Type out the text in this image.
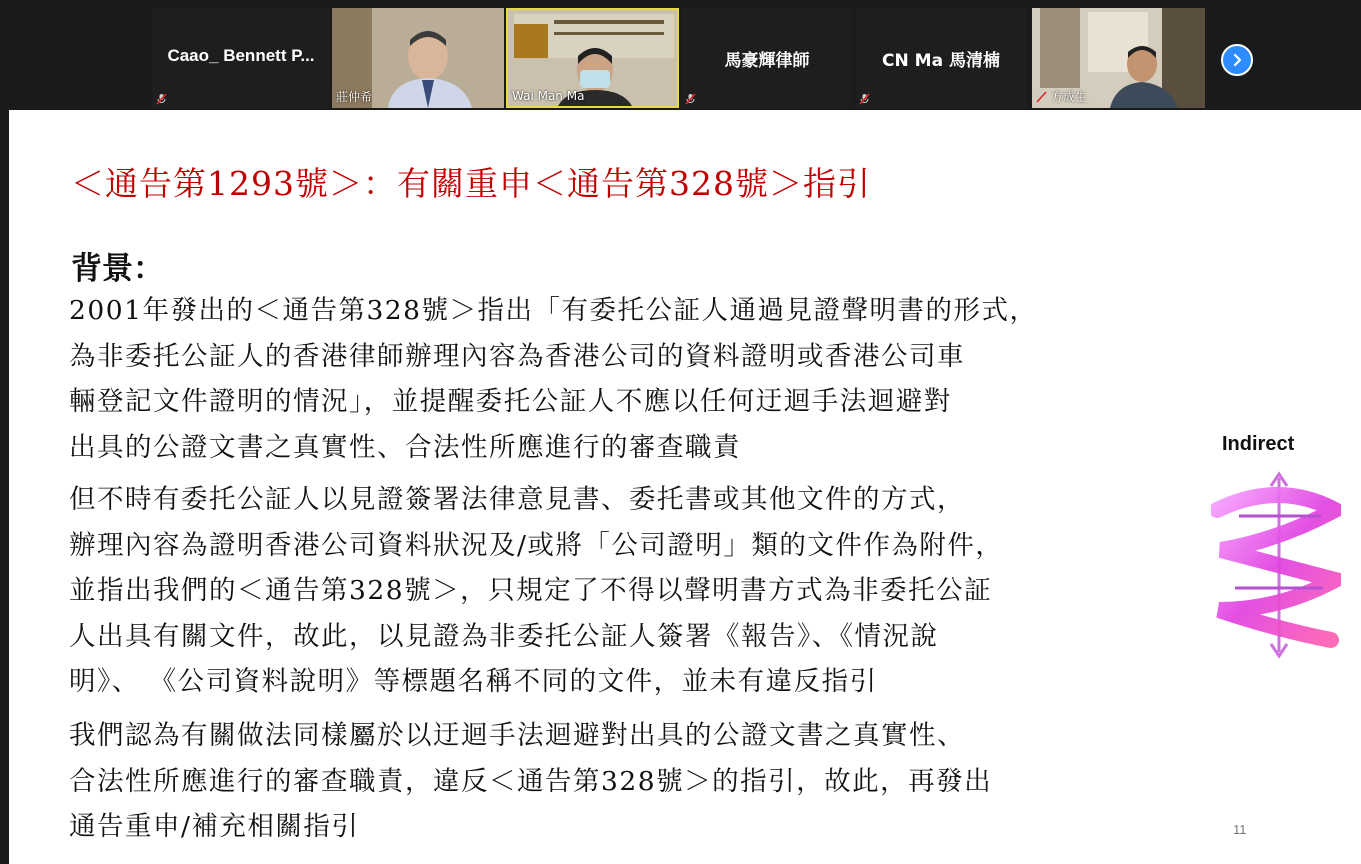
Caao_ Bennett P...
莊仲希	Wai Man Ma
馬豪輝律師	CN Ma 馬清楠
方成生
＜通告第1293號＞：有關重申＜通告第328號＞指引
背景：
2001年發出的＜通告第328號＞指出「有委托公証人通過見證聲明書的形式，
為非委托公証人的香港律師辦理內容為香港公司的資料證明或香港公司車
輛登記文件證明的情況」，並提醒委托公証人不應以任何迂迴手法迴避對
出具的公證文書之真實性、合法性所應進行的審查職責
但不時有委托公証人以見證簽署法律意見書、委托書或其他文件的方式，
辦理內容為證明香港公司資料狀況及/或將「公司證明」類的文件作為附件，
並指出我們的＜通告第328號＞，只規定了不得以聲明書方式為非委托公証
人出具有關文件，故此，以見證為非委托公証人簽署《報告》、《情況說
明》、 《公司資料說明》等標題名稱不同的文件，並未有違反指引
我們認為有關做法同樣屬於以迂迴手法迴避對出具的公證文書之真實性、
合法性所應進行的審查職責，違反＜通告第328號＞的指引，故此，再發出
通告重申/補充相關指引
Indirect
11
